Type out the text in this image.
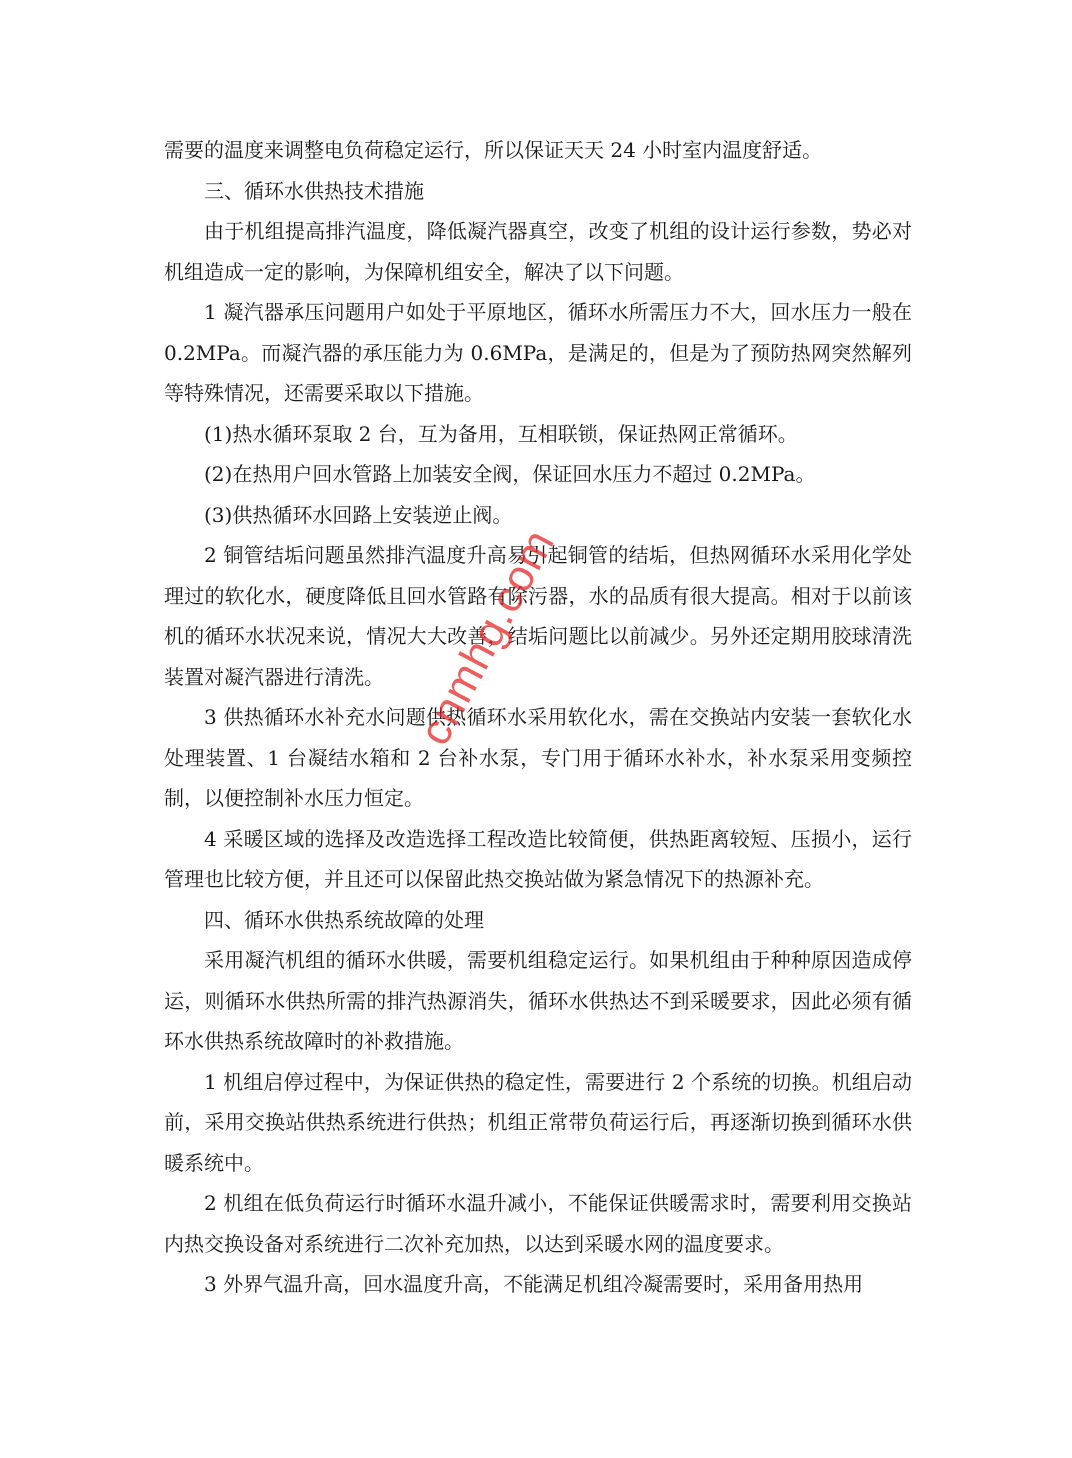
需要的温度来调整电负荷稳定运行，所以保证天天 24 小时室内温度舒适。

三、循环水供热技术措施

由于机组提高排汽温度，降低凝汽器真空，改变了机组的设计运行参数，势必对机组造成一定的影响，为保障机组安全，解决了以下问题。

1 凝汽器承压问题用户如处于平原地区，循环水所需压力不大，回水压力一般在 0.2MPa。而凝汽器的承压能力为 0.6MPa，是满足的，但是为了预防热网突然解列等特殊情况，还需要采取以下措施。

(1)热水循环泵取 2 台，互为备用，互相联锁，保证热网正常循环。

(2)在热用户回水管路上加装安全阀，保证回水压力不超过 0.2MPa。

(3)供热循环水回路上安装逆止阀。

2 铜管结垢问题虽然排汽温度升高易引起铜管的结垢，但热网循环水采用化学处理过的软化水，硬度降低且回水管路有除污器，水的品质有很大提高。相对于以前该机的循环水状况来说，情况大大改善，结垢问题比以前减少。另外还定期用胶球清洗装置对凝汽器进行清洗。

3 供热循环水补充水问题供热循环水采用软化水，需在交换站内安装一套软化水处理装置、1 台凝结水箱和 2 台补水泵，专门用于循环水补水，补水泵采用变频控制，以便控制补水压力恒定。

4 采暖区域的选择及改造选择工程改造比较简便，供热距离较短、压损小，运行管理也比较方便，并且还可以保留此热交换站做为紧急情况下的热源补充。

四、循环水供热系统故障的处理

采用凝汽机组的循环水供暖，需要机组稳定运行。如果机组由于种种原因造成停运，则循环水供热所需的排汽热源消失，循环水供热达不到采暖要求，因此必须有循环水供热系统故障时的补救措施。

1 机组启停过程中，为保证供热的稳定性，需要进行 2 个系统的切换。机组启动前，采用交换站供热系统进行供热；机组正常带负荷运行后，再逐渐切换到循环水供暖系统中。

2 机组在低负荷运行时循环水温升减小，不能保证供暖需求时，需要利用交换站内热交换设备对系统进行二次补充加热，以达到采暖水网的温度要求。

3 外界气温升高，回水温度升高，不能满足机组冷凝需要时，采用备用热用

cnmhg.com
